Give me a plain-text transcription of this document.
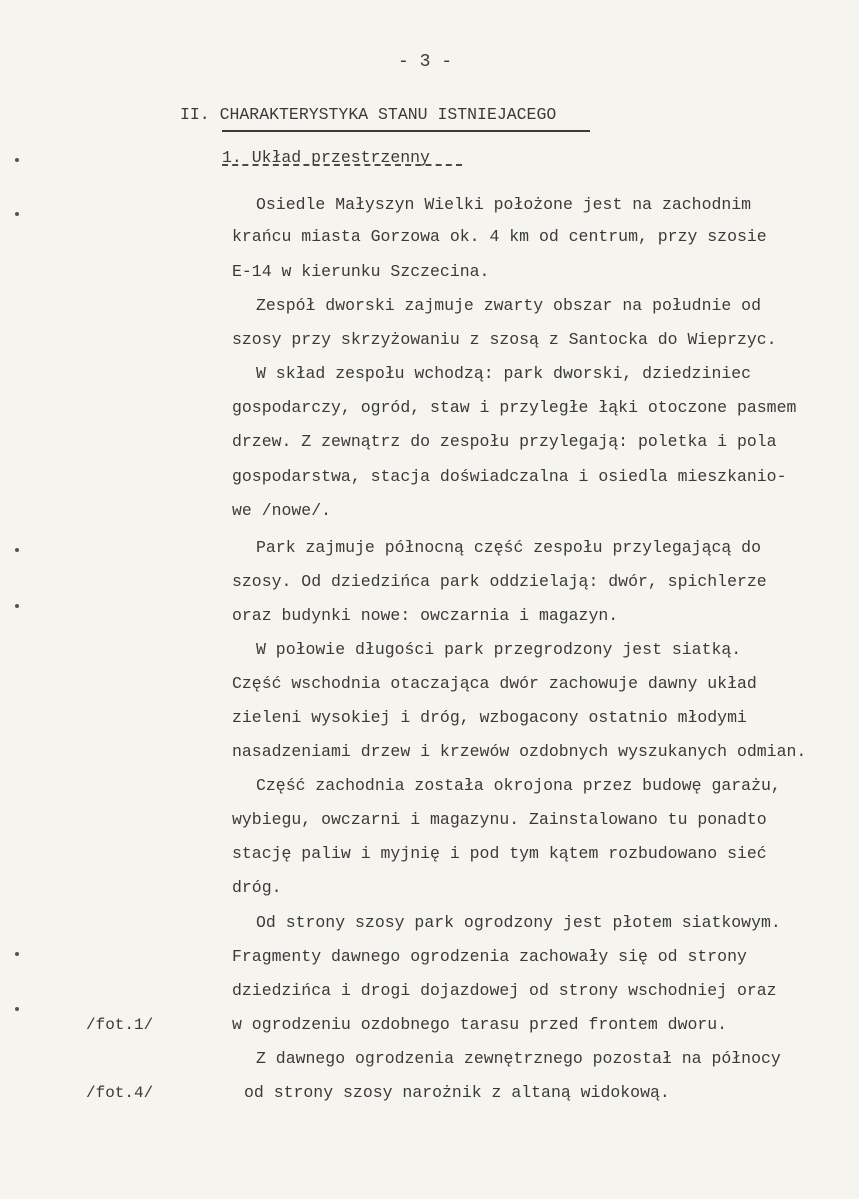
- 3 -
II. CHARAKTERYSTYKA STANU ISTNIEJACEGO
1. Układ przestrzenny
Osiedle Małyszyn Wielki położone jest na zachodnim
krańcu miasta Gorzowa ok. 4 km od centrum, przy szosie
E-14 w kierunku Szczecina.
Zespół dworski zajmuje zwarty obszar na południe od
szosy przy skrzyżowaniu z szosą z Santocka do Wieprzyc.
W skład zespołu wchodzą: park dworski, dziedziniec
gospodarczy, ogród, staw i przyległe łąki otoczone pasmem
drzew. Z zewnątrz do zespołu przylegają: poletka i pola
gospodarstwa, stacja doświadczalna i osiedla mieszkanio-
we /nowe/.
Park zajmuje północną część zespołu przylegającą do
szosy. Od dziedzińca park oddzielają: dwór, spichlerze
oraz budynki nowe: owczarnia i magazyn.
W połowie długości park przegrodzony jest siatką.
Część wschodnia otaczająca dwór zachowuje dawny układ
zieleni wysokiej i dróg, wzbogacony ostatnio młodymi
nasadzeniami drzew i krzewów ozdobnych wyszukanych odmian.
Część zachodnia została okrojona przez budowę garażu,
wybiegu, owczarni i magazynu. Zainstalowano tu ponadto
stację paliw i myjnię i pod tym kątem rozbudowano sieć
dróg.
Od strony szosy park ogrodzony jest płotem siatkowym.
Fragmenty dawnego ogrodzenia zachowały się od strony
dziedzińca i drogi dojazdowej od strony wschodniej oraz
w ogrodzeniu ozdobnego tarasu przed frontem dworu.
Z dawnego ogrodzenia zewnętrznego pozostał na północy
od strony szosy narożnik z altaną widokową.
/fot.1/
/fot.4/
